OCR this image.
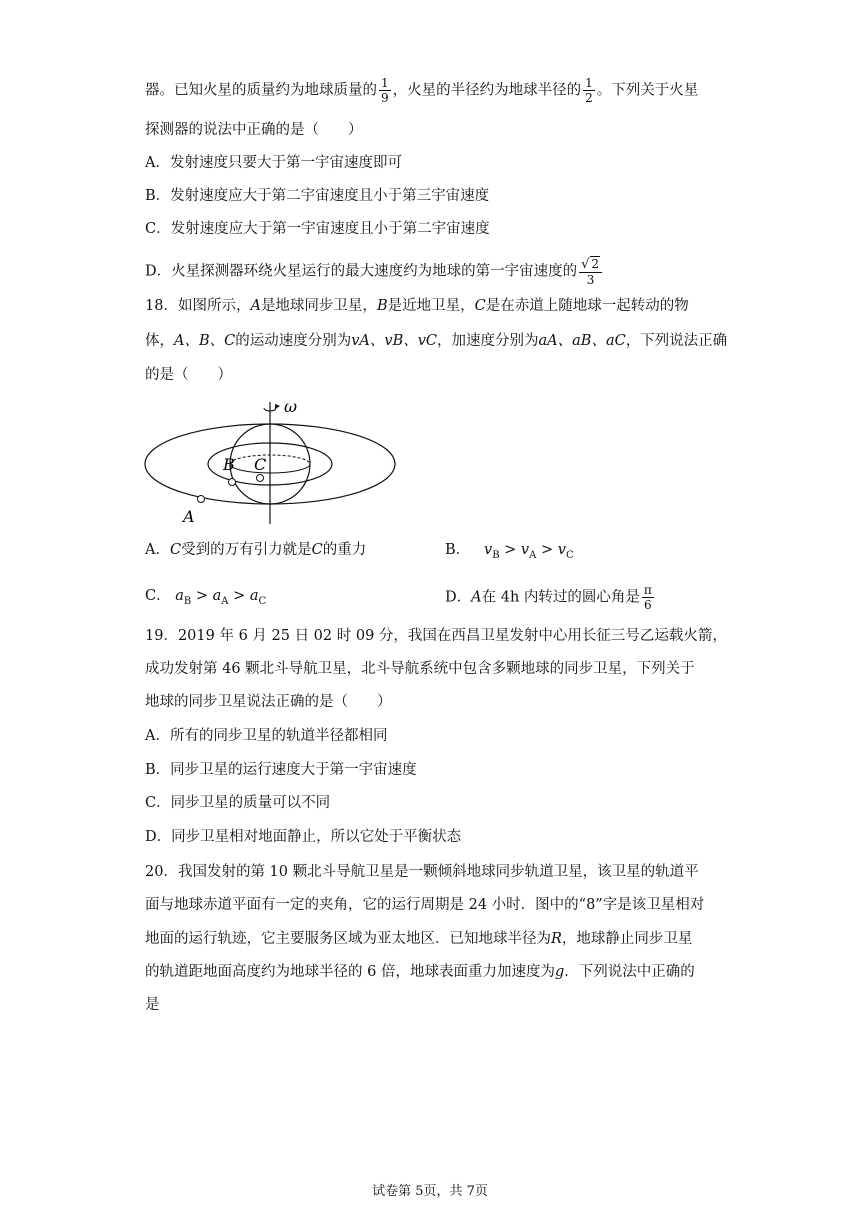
器。已知火星的质量约为地球质量的 $\frac{1}{9}$ ，火星的半径约为地球半径的 $\frac{1}{2}$ 。下列关于火星
探测器的说法中正确的是（　　）
A．发射速度只要大于第一宇宙速度即可
B．发射速度应大于第二宇宙速度且小于第三宇宙速度
C．发射速度应大于第一宇宙速度且小于第二宇宙速度
D．火星探测器环绕火星运行的最大速度约为地球的第一宇宙速度的 $\frac{√ 2}{3}$
18．如图所示，A是地球同步卫星，B是近地卫星，C是在赤道上随地球一起转动的物
体，A、B、C的运动速度分别为vA、vB、vC，加速度分别为aA、aB、aC，下列说法正确
的是（　　）
ω
B C
A
A．C受到的万有引力就是C的重力	B． $v_B > v_A > v_C$
C． $a_B > a_A > a_C$	D．A在 4h 内转过的圆心角是 $\frac{\pi}{6}$
19．2019 年 6 月 25 日 02 时 09 分，我国在西昌卫星发射中心用长征三号乙运载火箭，
成功发射第 46 颗北斗导航卫星，北斗导航系统中包含多颗地球的同步卫星，下列关于
地球的同步卫星说法正确的是（　　）
A．所有的同步卫星的轨道半径都相同
B．同步卫星的运行速度大于第一宇宙速度
C．同步卫星的质量可以不同
D．同步卫星相对地面静止，所以它处于平衡状态
20．我国发射的第 10 颗北斗导航卫星是一颗倾斜地球同步轨道卫星，该卫星的轨道平
面与地球赤道平面有一定的夹角，它的运行周期是 24 小时．图中的“8”字是该卫星相对
地面的运行轨迹，它主要服务区域为亚太地区．已知地球半径为R，地球静止同步卫星
的轨道距地面高度约为地球半径的 6 倍，地球表面重力加速度为g．下列说法中正确的
是
试卷第 5页，共 7页
